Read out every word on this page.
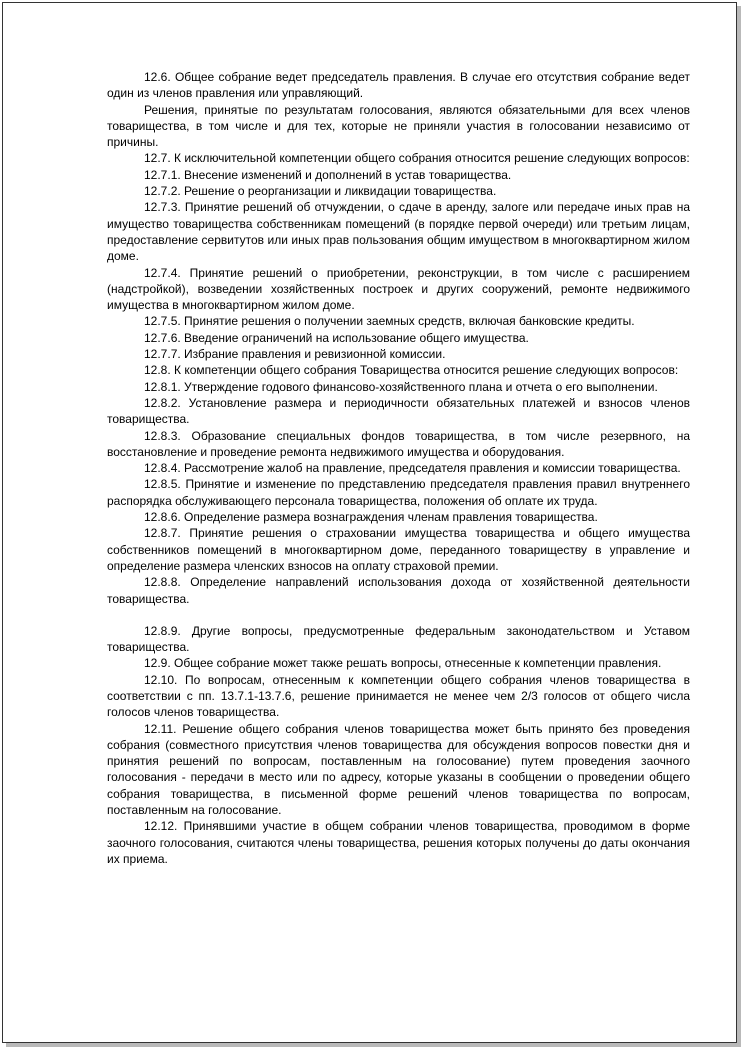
12.6. Общее собрание ведет председатель правления. В случае его отсутствия собрание ведет один из членов правления или управляющий.

Решения, принятые по результатам голосования, являются обязательными для всех членов товарищества, в том числе и для тех, которые не приняли участия в голосовании независимо от причины.

12.7. К исключительной компетенции общего собрания относится решение следующих вопросов:

12.7.1. Внесение изменений и дополнений в устав товарищества.

12.7.2. Решение о реорганизации и ликвидации товарищества.

12.7.3. Принятие решений об отчуждении, о сдаче в аренду, залоге или передаче иных прав на имущество товарищества собственникам помещений (в порядке первой очереди) или третьим лицам, предоставление сервитутов или иных прав пользования общим имуществом в многоквартирном жилом доме.

12.7.4. Принятие решений о приобретении, реконструкции, в том числе с расширением (надстройкой), возведении хозяйственных построек и других сооружений, ремонте недвижимого имущества в многоквартирном жилом доме.

12.7.5. Принятие решения о получении заемных средств, включая банковские кредиты.

12.7.6. Введение ограничений на использование общего имущества.

12.7.7. Избрание правления и ревизионной комиссии.

12.8. К компетенции общего собрания Товарищества относится решение следующих вопросов:

12.8.1. Утверждение годового финансово-хозяйственного плана и отчета о его выполнении.

12.8.2. Установление размера и периодичности обязательных платежей и взносов членов товарищества.

12.8.3. Образование специальных фондов товарищества, в том числе резервного, на восстановление и проведение ремонта недвижимого имущества и оборудования.

12.8.4. Рассмотрение жалоб на правление, председателя правления и комиссии товарищества.

12.8.5. Принятие и изменение по представлению председателя правления правил внутреннего распорядка обслуживающего персонала товарищества, положения об оплате их труда.

12.8.6. Определение размера вознаграждения членам правления товарищества.

12.8.7. Принятие решения о страховании имущества товарищества и общего имущества собственников помещений в многоквартирном доме, переданного товариществу в управление и определение размера членских взносов на оплату страховой премии.

12.8.8. Определение направлений использования дохода от хозяйственной деятельности товарищества.

12.8.9. Другие вопросы, предусмотренные федеральным законодательством и Уставом товарищества.

12.9. Общее собрание может также решать вопросы, отнесенные к компетенции правления.

12.10. По вопросам, отнесенным к компетенции общего собрания членов товарищества в соответствии с пп. 13.7.1-13.7.6, решение принимается не менее чем 2/3 голосов от общего числа голосов членов товарищества.

12.11. Решение общего собрания членов товарищества может быть принято без проведения собрания (совместного присутствия членов товарищества для обсуждения вопросов повестки дня и принятия решений по вопросам, поставленным на голосование) путем проведения заочного голосования - передачи в место или по адресу, которые указаны в сообщении о проведении общего собрания товарищества, в письменной форме решений членов товарищества по вопросам, поставленным на голосование.

12.12. Принявшими участие в общем собрании членов товарищества, проводимом в форме заочного голосования, считаются члены товарищества, решения которых получены до даты окончания их приема.
